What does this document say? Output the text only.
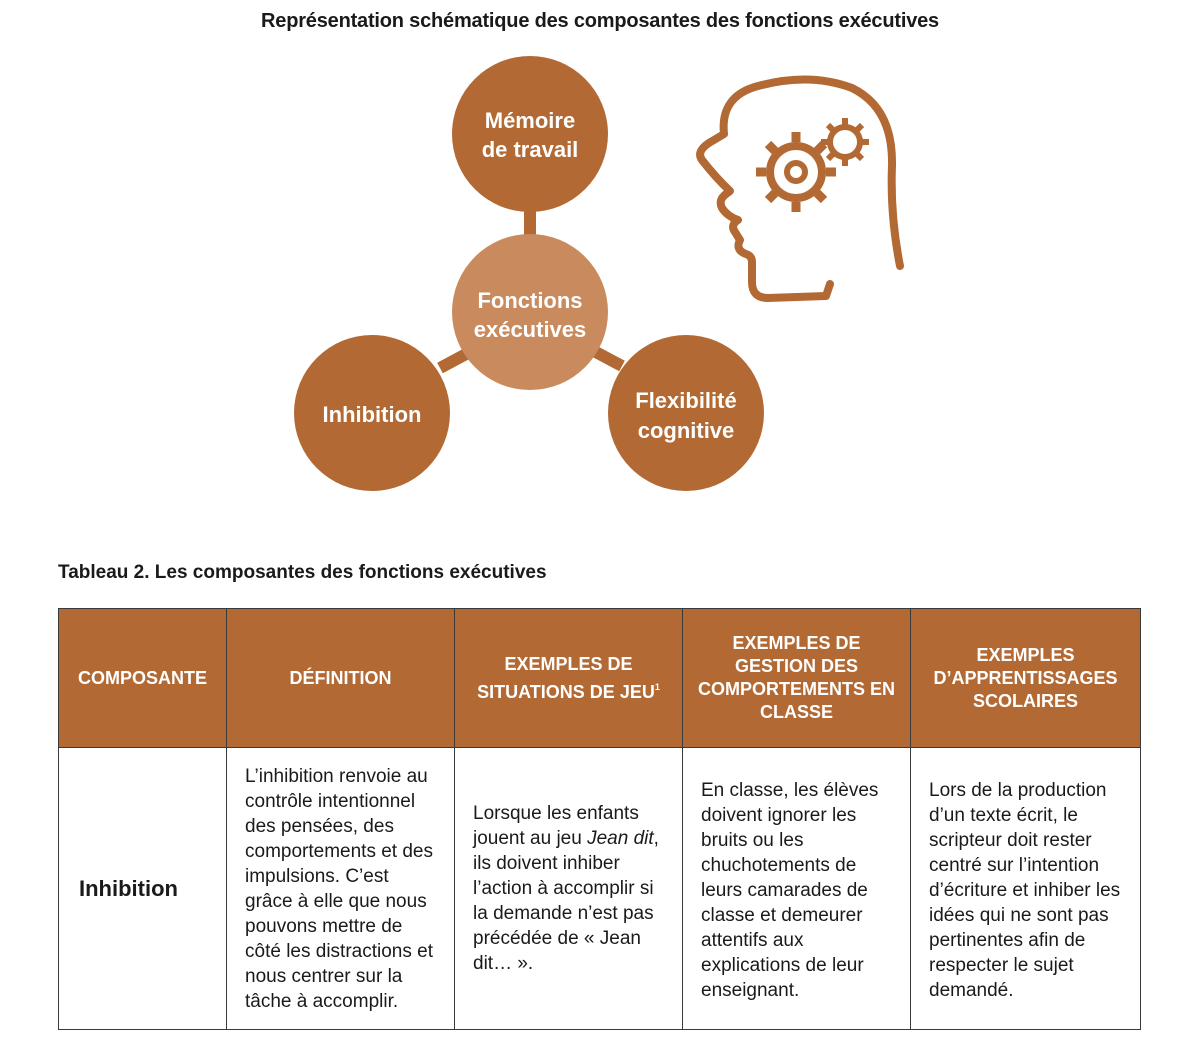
Représentation schématique des composantes des fonctions exécutives
Mémoire
de travail
Fonctions
exécutives
Inhibition
Flexibilité
cognitive
Tableau 2. Les composantes des fonctions exécutives
COMPOSANTE	DÉFINITION	EXEMPLES DE SITUATIONS DE JEU$^1$	EXEMPLES DE GESTION DES COMPORTEMENTS EN CLASSE	EXEMPLES D’APPRENTISSAGES SCOLAIRES
Inhibition	L’inhibition renvoie au contrôle intentionnel des pensées, des comportements et des impulsions. C’est grâce à elle que nous pouvons mettre de côté les distractions et nous centrer sur la tâche à accomplir.	Lorsque les enfants jouent au jeu Jean dit, ils doivent inhiber l’action à accomplir si la demande n’est pas précédée de « Jean dit… ».	En classe, les élèves doivent ignorer les bruits ou les chuchotements de leurs camarades de classe et demeurer attentifs aux explications de leur enseignant.	Lors de la production d’un texte écrit, le scripteur doit rester centré sur l’intention d’écriture et inhiber les idées qui ne sont pas pertinentes afin de respecter le sujet demandé.
